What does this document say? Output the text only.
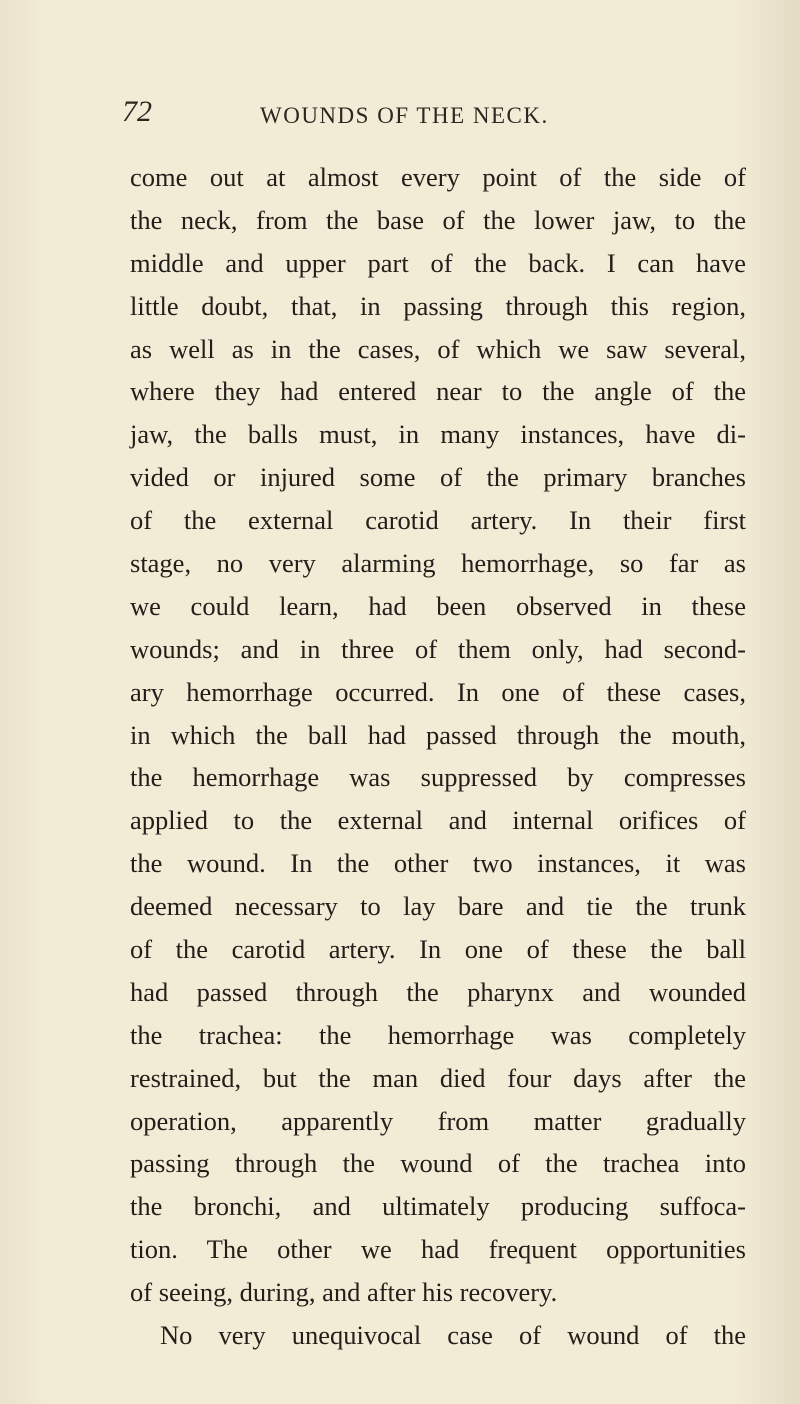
72	WOUNDS OF THE NECK.
come out at almost every point of the side of
the neck, from the base of the lower jaw, to the
middle and upper part of the back. I can have
little doubt, that, in passing through this region,
as well as in the cases, of which we saw several,
where they had entered near to the angle of the
jaw, the balls must, in many instances, have di-
vided or injured some of the primary branches
of the external carotid artery. In their first
stage, no very alarming hemorrhage, so far as
we could learn, had been observed in these
wounds; and in three of them only, had second-
ary hemorrhage occurred. In one of these cases,
in which the ball had passed through the mouth,
the hemorrhage was suppressed by compresses
applied to the external and internal orifices of
the wound. In the other two instances, it was
deemed necessary to lay bare and tie the trunk
of the carotid artery. In one of these the ball
had passed through the pharynx and wounded
the trachea: the hemorrhage was completely
restrained, but the man died four days after the
operation, apparently from matter gradually
passing through the wound of the trachea into
the bronchi, and ultimately producing suffoca-
tion. The other we had frequent opportunities
of seeing, during, and after his recovery.
No very unequivocal case of wound of the
